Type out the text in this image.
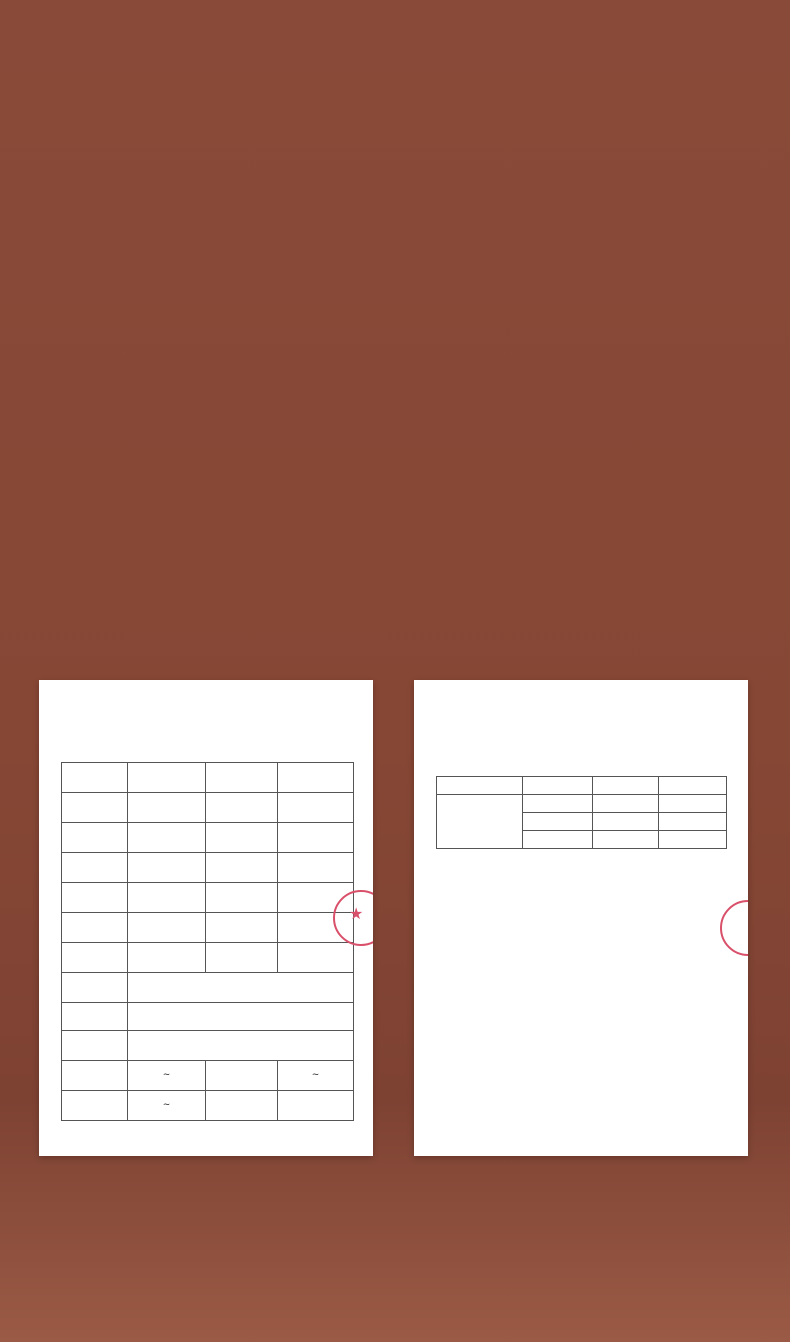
	~		~
	~		

★
